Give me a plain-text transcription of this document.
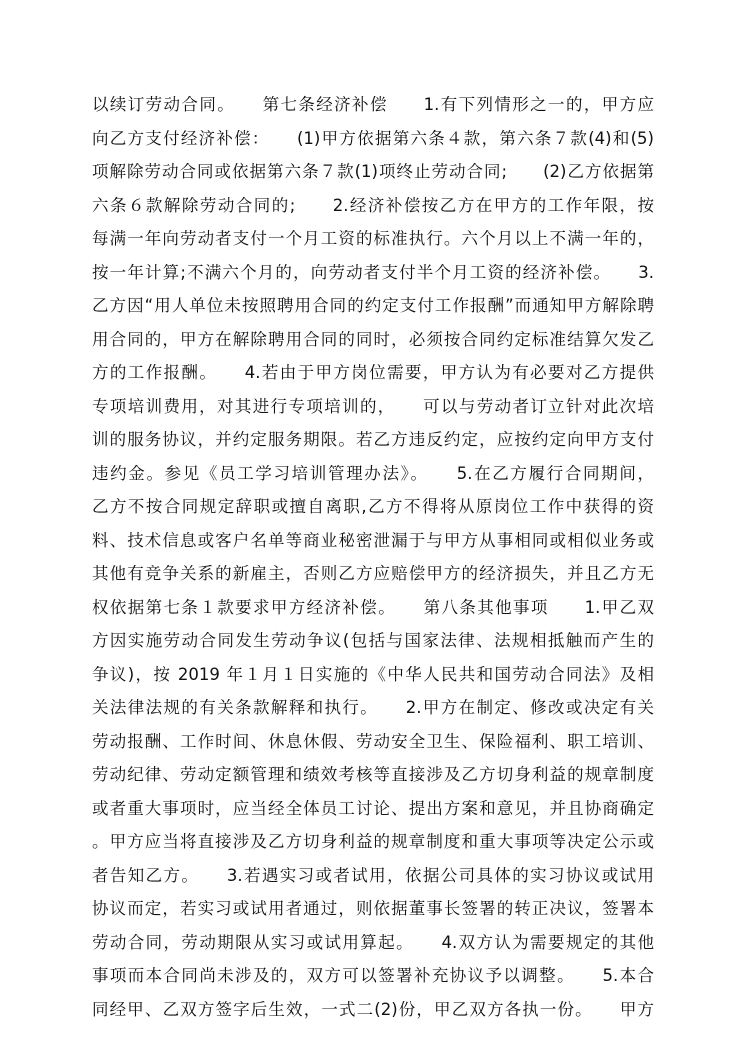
以续订劳动合同。　　第七条经济补偿　　1.有下列情形之一的，甲方应
向乙方支付经济补偿：　　(1)甲方依据第六条４款，第六条７款(4)和(5)
项解除劳动合同或依据第六条７款(1)项终止劳动合同;　　(2)乙方依据第
六条６款解除劳动合同的;　　2.经济补偿按乙方在甲方的工作年限，按
每满一年向劳动者支付一个月工资的标准执行。六个月以上不满一年的，
按一年计算;不满六个月的，向劳动者支付半个月工资的经济补偿。　　3.
乙方因“用人单位未按照聘用合同的约定支付工作报酬”而通知甲方解除聘
用合同的，甲方在解除聘用合同的同时，必须按合同约定标准结算欠发乙
方的工作报酬。　　4.若由于甲方岗位需要，甲方认为有必要对乙方提供
专项培训费用，对其进行专项培训的，　　可以与劳动者订立针对此次培
训的服务协议，并约定服务期限。若乙方违反约定，应按约定向甲方支付
违约金。参见《员工学习培训管理办法》。　　5.在乙方履行合同期间，
乙方不按合同规定辞职或擅自离职,乙方不得将从原岗位工作中获得的资
料、技术信息或客户名单等商业秘密泄漏于与甲方从事相同或相似业务或
其他有竞争关系的新雇主，否则乙方应赔偿甲方的经济损失，并且乙方无
权依据第七条１款要求甲方经济补偿。　　第八条其他事项　　1.甲乙双
方因实施劳动合同发生劳动争议(包括与国家法律、法规相抵触而产生的
争议)，按 2019 年１月１日实施的《中华人民共和国劳动合同法》及相
关法律法规的有关条款解释和执行。　　2.甲方在制定、修改或决定有关
劳动报酬、工作时间、休息休假、劳动安全卫生、保险福利、职工培训、
劳动纪律、劳动定额管理和绩效考核等直接涉及乙方切身利益的规章制度
或者重大事项时，应当经全体员工讨论、提出方案和意见，并且协商确定
。甲方应当将直接涉及乙方切身利益的规章制度和重大事项等决定公示或
者告知乙方。　　3.若遇实习或者试用，依据公司具体的实习协议或试用
协议而定，若实习或试用者通过，则依据董事长签署的转正决议，签署本
劳动合同，劳动期限从实习或试用算起。　　4.双方认为需要规定的其他
事项而本合同尚未涉及的，双方可以签署补充协议予以调整。　　5.本合
同经甲、乙双方签字后生效，一式二(2)份，甲乙双方各执一份。　　甲方
